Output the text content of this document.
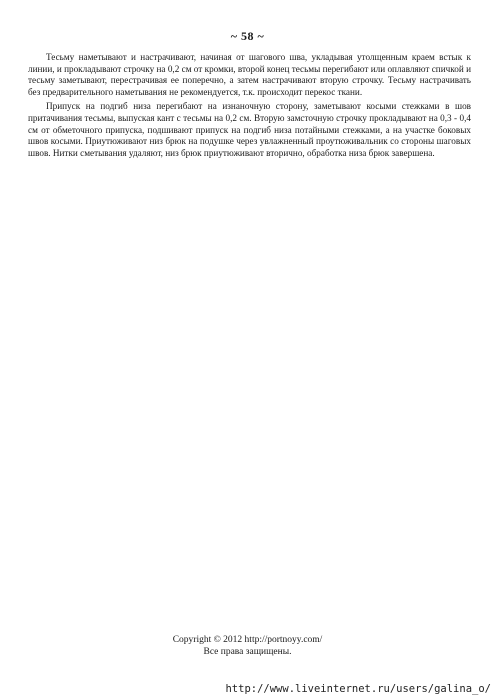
~ 58 ~

Тесьму наметывают и настрачивают, начиная от шагового шва, укладывая утолщенным краем встык к линии, и прокладывают строчку на 0,2 см от кромки, второй конец тесьмы перегибают или оплавляют спичкой и тесьму заметывают, перестрачивая ее поперечно, а затем настрачивают вторую строчку. Тесьму настрачивать без предварительного наметывания не рекомендуется, т.к. происходит перекос ткани.

Припуск на подгиб низа перегибают на изнаночную сторону, заметывают косыми стежками в шов притачивания тесьмы, выпуская кант с тесьмы на 0,2 см. Вторую замсточную строчку прокладывают на 0,3 - 0,4 см от обметочного припуска, подшивают припуск на подгиб низа потайными стежками, а на участке боковых швов косыми. Приутюживают низ брюк на подушке через увлажненный проутюживальник со стороны шаговых швов. Нитки сметывания удаляют, низ брюк приутюживают вторично, обработка низа брюк завершена.

Copyright © 2012 http://portnoyy.com/
Все права защищены.
http://www.liveinternet.ru/users/galina_o/
